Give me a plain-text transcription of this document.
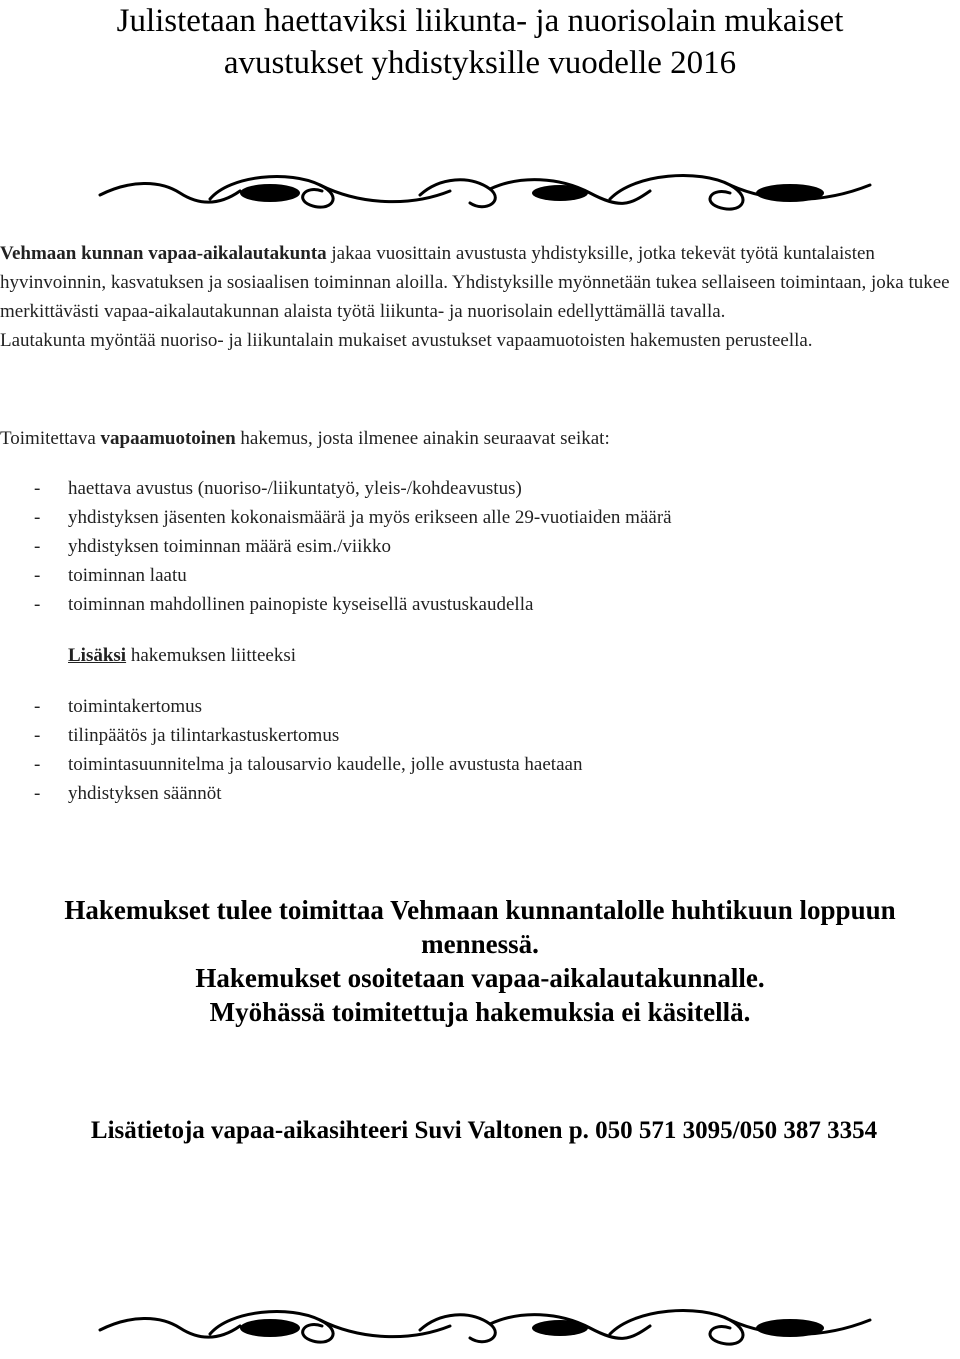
Julistetaan haettaviksi liikunta- ja nuorisolain mukaiset
avustukset yhdistyksille vuodelle 2016

Vehmaan kunnan vapaa-aikalautakunta jakaa vuosittain avustusta yhdistyksille, jotka tekevät työtä kuntalaisten hyvinvoinnin, kasvatuksen ja sosiaalisen toiminnan aloilla. Yhdistyksille myönnetään tukea sellaiseen toimintaan, joka tukee merkittävästi vapaa-aikalautakunnan alaista työtä liikunta- ja nuorisolain edellyttämällä tavalla.

Lautakunta myöntää nuoriso- ja liikuntalain mukaiset avustukset vapaamuotoisten hakemusten perusteella.

Toimitettava vapaamuotoinen hakemus, josta ilmenee ainakin seuraavat seikat:
- haettava avustus (nuoriso-/liikuntatyö, yleis-/kohdeavustus)
- yhdistyksen jäsenten kokonaismäärä ja myös erikseen alle 29-vuotiaiden määrä
- yhdistyksen toiminnan määrä esim./viikko
- toiminnan laatu
- toiminnan mahdollinen painopiste kyseisellä avustuskaudella
Lisäksi hakemuksen liitteeksi
- toimintakertomus
- tilinpäätös ja tilintarkastuskertomus
- toimintasuunnitelma ja talousarvio kaudelle, jolle avustusta haetaan
- yhdistyksen säännöt

Hakemukset tulee toimittaa Vehmaan kunnantalolle huhtikuun loppuun

mennessä.

Hakemukset osoitetaan vapaa-aikalautakunnalle.

Myöhässä toimitettuja hakemuksia ei käsitellä.

Lisätietoja vapaa-aikasihteeri Suvi Valtonen p. 050 571 3095/050 387 3354
